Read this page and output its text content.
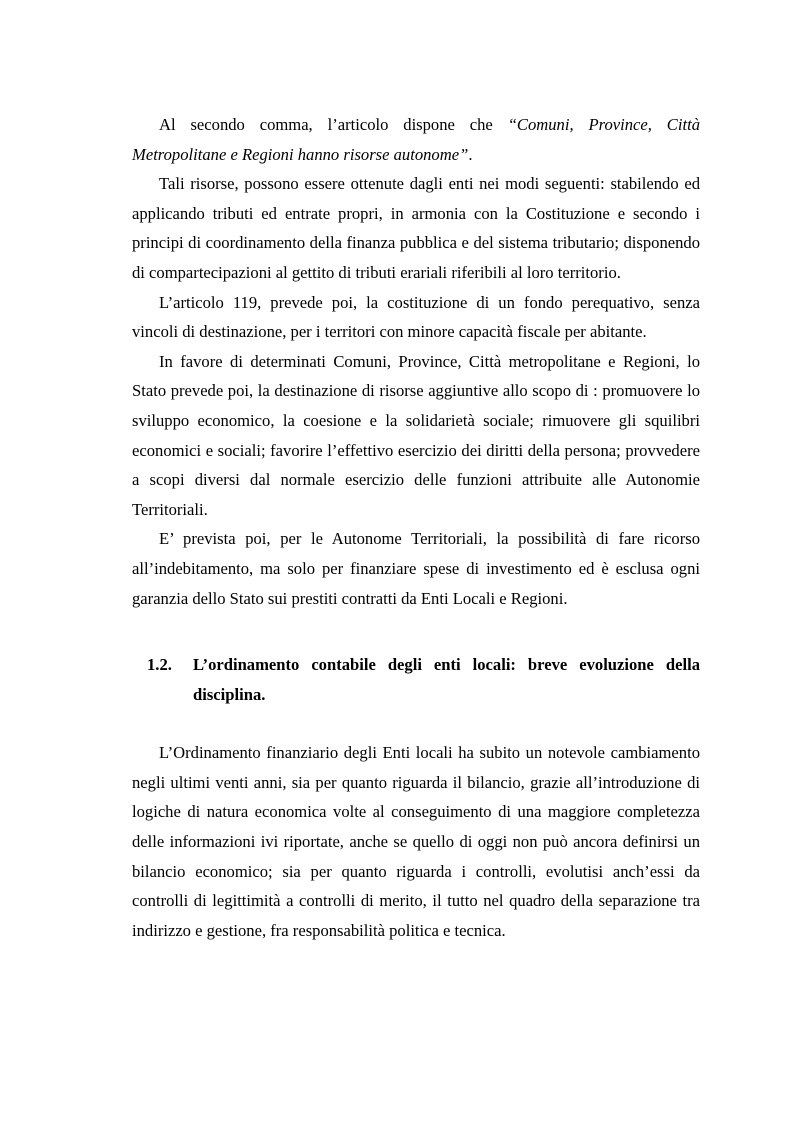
Al secondo comma, l’articolo dispone che “Comuni, Province, Città Metropolitane e Regioni hanno risorse autonome”.

Tali risorse, possono essere ottenute dagli enti nei modi seguenti: stabilendo ed applicando tributi ed entrate propri, in armonia con la Costituzione e secondo i principi di coordinamento della finanza pubblica e del sistema tributario; disponendo di compartecipazioni al gettito di tributi erariali riferibili al loro territorio.

L’articolo 119, prevede poi, la costituzione di un fondo perequativo, senza vincoli di destinazione, per i territori con minore capacità fiscale per abitante.

In favore di determinati Comuni, Province, Città metropolitane e Regioni, lo Stato prevede poi, la destinazione di risorse aggiuntive allo scopo di : promuovere lo sviluppo economico, la coesione e la solidarietà sociale; rimuovere gli squilibri economici e sociali; favorire l’effettivo esercizio dei diritti della persona; provvedere a scopi diversi dal normale esercizio delle funzioni attribuite alle Autonomie Territoriali.

E’ prevista poi, per le Autonome Territoriali, la possibilità di fare ricorso all’indebitamento, ma solo per finanziare spese di investimento ed è esclusa ogni garanzia dello Stato sui prestiti contratti da Enti Locali e Regioni.

1.2.	L’ordinamento contabile degli enti locali: breve evoluzione della disciplina.

L’Ordinamento finanziario degli Enti locali ha subito un notevole cambiamento negli ultimi venti anni, sia per quanto riguarda il bilancio, grazie all’introduzione di logiche di natura economica volte al conseguimento di una maggiore completezza delle informazioni ivi riportate, anche se quello di oggi non può ancora definirsi un bilancio economico; sia per quanto riguarda i controlli, evolutisi anch’essi da controlli di legittimità a controlli di merito, il tutto nel quadro della separazione tra indirizzo e gestione, fra responsabilità politica e tecnica.
